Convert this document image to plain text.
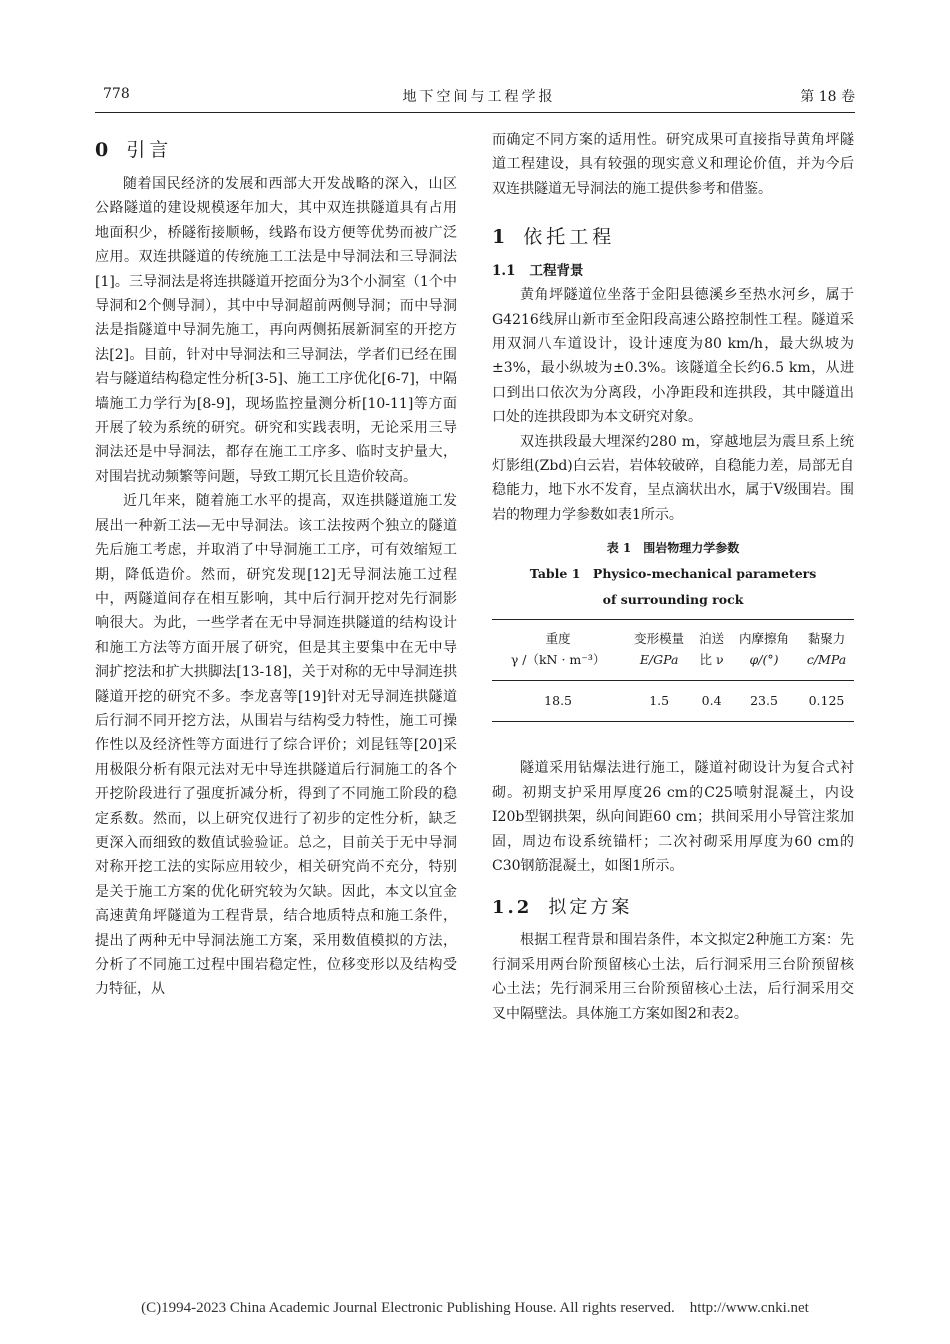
778	地下空间与工程学报	第 18 卷
0 引言

随着国民经济的发展和西部大开发战略的深入，山区公路隧道的建设规模逐年加大，其中双连拱隧道具有占用地面积少，桥隧衔接顺畅，线路布设方便等优势而被广泛应用。双连拱隧道的传统施工工法是中导洞法和三导洞法[1]。三导洞法是将连拱隧道开挖面分为3个小洞室（1个中导洞和2个侧导洞），其中中导洞超前两侧导洞；而中导洞法是指隧道中导洞先施工，再向两侧拓展新洞室的开挖方法[2]。目前，针对中导洞法和三导洞法，学者们已经在围岩与隧道结构稳定性分析[3-5]、施工工序优化[6-7]，中隔墙施工力学行为[8-9]，现场监控量测分析[10-11]等方面开展了较为系统的研究。研究和实践表明，无论采用三导洞法还是中导洞法，都存在施工工序多、临时支护量大，对围岩扰动频繁等问题，导致工期冗长且造价较高。

近几年来，随着施工水平的提高，双连拱隧道施工发展出一种新工法—无中导洞法。该工法按两个独立的隧道先后施工考虑，并取消了中导洞施工工序，可有效缩短工期，降低造价。然而，研究发现[12]无导洞法施工过程中，两隧道间存在相互影响，其中后行洞开挖对先行洞影响很大。为此，一些学者在无中导洞连拱隧道的结构设计和施工方法等方面开展了研究，但是其主要集中在无中导洞扩挖法和扩大拱脚法[13-18]，关于对称的无中导洞连拱隧道开挖的研究不多。李龙喜等[19]针对无导洞连拱隧道后行洞不同开挖方法，从围岩与结构受力特性，施工可操作性以及经济性等方面进行了综合评价；刘昆钰等[20]采用极限分析有限元法对无中导连拱隧道后行洞施工的各个开挖阶段进行了强度折减分析，得到了不同施工阶段的稳定系数。然而，以上研究仅进行了初步的定性分析，缺乏更深入而细致的数值试验验证。总之，目前关于无中导洞对称开挖工法的实际应用较少，相关研究尚不充分，特别是关于施工方案的优化研究较为欠缺。因此，本文以宜金高速黄角坪隧道为工程背景，结合地质特点和施工条件，提出了两种无中导洞法施工方案，采用数值模拟的方法，分析了不同施工过程中围岩稳定性，位移变形以及结构受力特征，从

而确定不同方案的适用性。研究成果可直接指导黄角坪隧道工程建设，具有较强的现实意义和理论价值，并为今后双连拱隧道无导洞法的施工提供参考和借鉴。

1 依托工程
1.1 工程背景

黄角坪隧道位坐落于金阳县德溪乡至热水河乡，属于G4216线屏山新市至金阳段高速公路控制性工程。隧道采用双洞八车道设计，设计速度为80 km/h，最大纵坡为±3%，最小纵坡为±0.3%。该隧道全长约6.5 km，从进口到出口依次为分离段，小净距段和连拱段，其中隧道出口处的连拱段即为本文研究对象。

双连拱段最大埋深约280 m，穿越地层为震旦系上统灯影组(Zbd)白云岩，岩体较破碎，自稳能力差，局部无自稳能力，地下水不发育，呈点滴状出水，属于V级围岩。围岩的物理力学参数如表1所示。

表 1　围岩物理力学参数
Table 1　Physico-mechanical parameters
of surrounding rock
重度	变形模量	泊送	内摩擦角	黏聚力
γ /（kN · m⁻³）	E/GPa	比 ν	φ/(°)	c/MPa
18.5	1.5	0.4	23.5	0.125

隧道采用钻爆法进行施工，隧道衬砌设计为复合式衬砌。初期支护采用厚度26 cm的C25喷射混凝土，内设I20b型钢拱架，纵向间距60 cm；拱间采用小导管注浆加固，周边布设系统锚杆；二次衬砌采用厚度为60 cm的C30钢筋混凝土，如图1所示。

1.2 拟定方案

根据工程背景和围岩条件，本文拟定2种施工方案：先行洞采用两台阶预留核心土法，后行洞采用三台阶预留核心土法；先行洞采用三台阶预留核心土法，后行洞采用交叉中隔壁法。具体施工方案如图2和表2。

(C)1994-2023 China Academic Journal Electronic Publishing House. All rights reserved.　http://www.cnki.net
